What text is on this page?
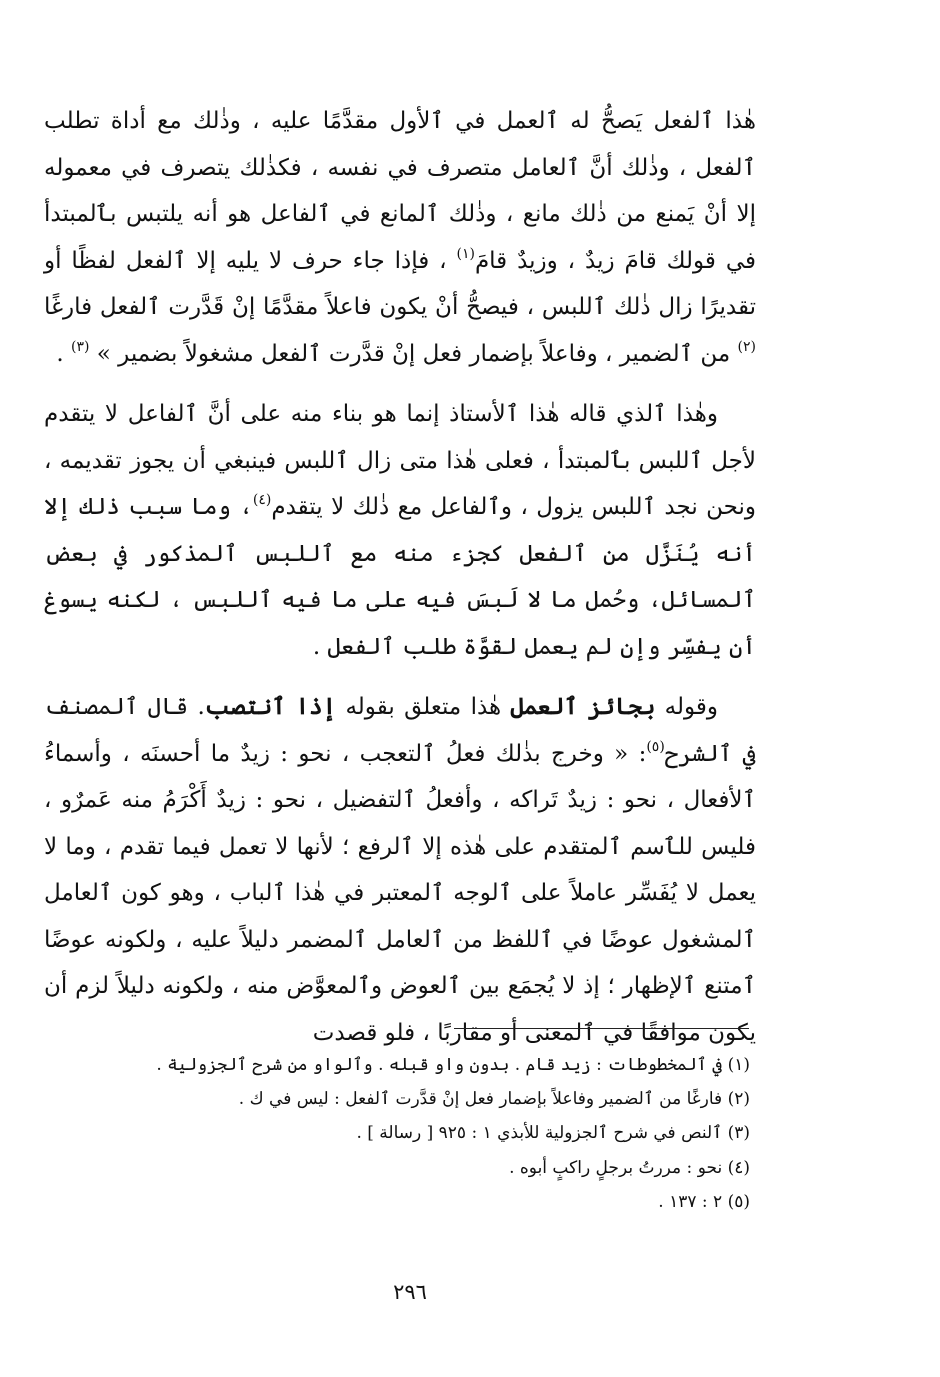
هٰذا ٱلفعل يَصحُّ له ٱلعمل في ٱلأول مقدَّمًا عليه ، وذٰلك مع أداة تطلب ٱلفعل ، وذٰلك أنَّ ٱلعامل متصرف في نفسه ، فكذٰلك يتصرف في معموله إلا أنْ يَمنع من ذٰلك مانع ، وذٰلك ٱلمانع في ٱلفاعل هو أنه يلتبس بٱلمبتدأ في قولك قامَ زيدٌ ، وزيدٌ قامَ$^{(١)}$ ، فإذا جاء حرف لا يليه إلا ٱلفعل لفظًا أو تقديرًا زال ذٰلك ٱللبس ، فيصحُّ أنْ يكون فاعلاً مقدَّمًا إنْ قَدَّرت ٱلفعل فارغًا $^{(٢)}$ من ٱلضمير ، وفاعلاً بإضمار فعل إنْ قدَّرت ٱلفعل مشغولاً بضمير » $^{(٣)}$ .

وهٰذا ٱلذي قاله هٰذا ٱلأستاذ إنما هو بناء منه على أنَّ ٱلفاعل لا يتقدم لأجل ٱللبس بٱلمبتدأ ، فعلى هٰذا متى زال ٱللبس فينبغي أن يجوز تقديمه ، ونحن نجد ٱللبس يزول ، وٱلفاعل مع ذٰلك لا يتقدم$^{(٤)}$، وما سبب ذٰلك إلا أنه يُنَزَّل من ٱلفعل كجزء منه مع ٱللبس ٱلمذكور في بعض ٱلمسائل، وحُمل ما لا لَبسَ فيه على ما فيه ٱللبس ، لكنه يسوغ أن يفسِّر وإن لم يعمل لقوَّة طلب ٱلفعل .

وقوله بجائز ٱلعمل هٰذا متعلق بقوله إذا ٱنتصب. قال ٱلمصنف في ٱلشرح$^{(٥)}$: « وخرج بذٰلك فعلُ ٱلتعجب ، نحو : زيدٌ ما أحسنَه ، وأسماءُ ٱلأفعال ، نحو : زيدٌ تَراكه ، وأفعلُ ٱلتفضيل ، نحو : زيدٌ أَكْرَمُ منه عَمرٌو ، فليس للٱسم ٱلمتقدم على هٰذه إلا ٱلرفع ؛ لأنها لا تعمل فيما تقدم ، وما لا يعمل لا يُفَسِّر عاملاً على ٱلوجه ٱلمعتبر في هٰذا ٱلباب ، وهو كون ٱلعامل ٱلمشغول عوضًا في ٱللفظ من ٱلعامل ٱلمضمر دليلاً عليه ، ولكونه عوضًا ٱمتنع ٱلإظهار ؛ إذ لا يُجمَع بين ٱلعوض وٱلمعوَّض منه ، ولكونه دليلاً لزم أن يكون موافقًا في ٱلمعنى أو مقاربًا ، فلو قصدت

(١) في ٱلمخطوطات : زيد قام . بدون واو قبله . وٱلواو من شرح ٱلجزولية .

(٢) فارغًا من ٱلضمير وفاعلاً بإضمار فعل إنْ قدَّرت ٱلفعل : ليس في ك .

(٣) ٱلنص في شرح ٱلجزولية للأبذي ١ : ٩٢٥ [ رسالة ] .

(٤) نحو : مررتُ برجلٍ راكبٍ أبوه .

(٥) ٢ : ١٣٧ .

٢٩٦
